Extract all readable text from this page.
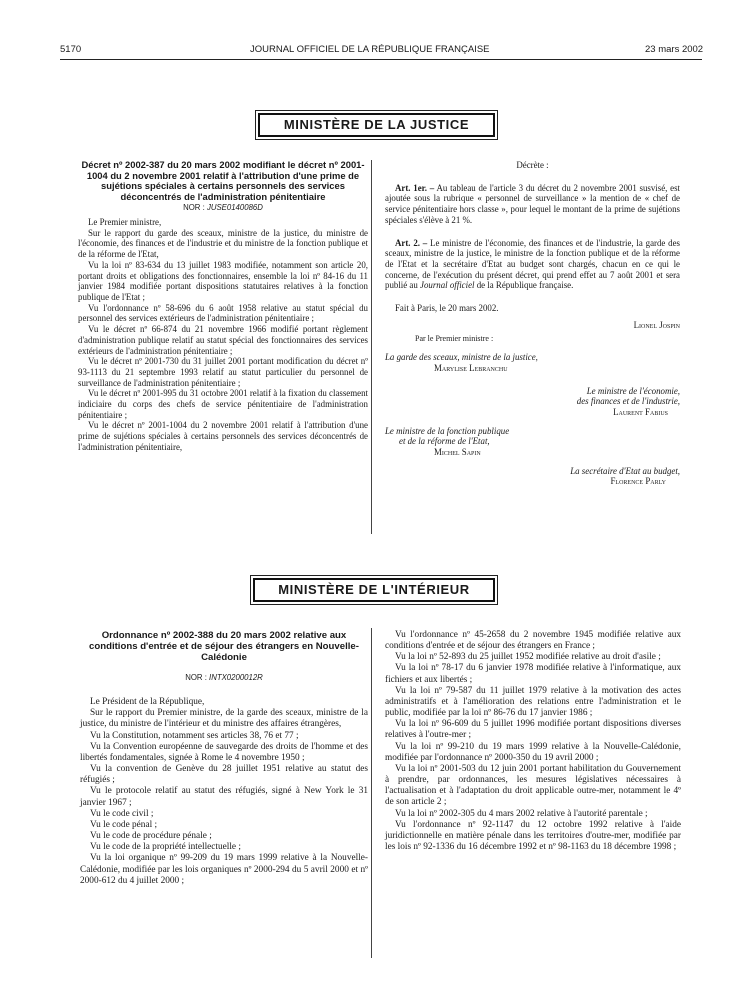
5170	JOURNAL OFFICIEL DE LA RÉPUBLIQUE FRANÇAISE	23 mars 2002
MINISTÈRE DE LA JUSTICE
Décret nº 2002-387 du 20 mars 2002 modifiant le décret nº 2001-1004 du 2 novembre 2001 relatif à l'attribution d'une prime de sujétions spéciales à certains personnels des services déconcentrés de l'administration pénitentiaire
NOR : JUSE0140086D

Le Premier ministre,

Sur le rapport du garde des sceaux, ministre de la justice, du ministre de l'économie, des finances et de l'industrie et du ministre de la fonction publique et de la réforme de l'Etat,

Vu la loi nº 83-634 du 13 juillet 1983 modifiée, notamment son article 20, portant droits et obligations des fonctionnaires, ensemble la loi nº 84-16 du 11 janvier 1984 modifiée portant dispositions statutaires relatives à la fonction publique de l'Etat ;

Vu l'ordonnance nº 58-696 du 6 août 1958 relative au statut spécial du personnel des services extérieurs de l'administration pénitentiaire ;

Vu le décret nº 66-874 du 21 novembre 1966 modifié portant règlement d'administration publique relatif au statut spécial des fonctionnaires des services extérieurs de l'administration pénitentiaire ;

Vu le décret nº 2001-730 du 31 juillet 2001 portant modification du décret nº 93-1113 du 21 septembre 1993 relatif au statut particulier du personnel de surveillance de l'administration pénitentiaire ;

Vu le décret nº 2001-995 du 31 octobre 2001 relatif à la fixation du classement indiciaire du corps des chefs de service pénitentiaire de l'administration pénitentiaire ;

Vu le décret nº 2001-1004 du 2 novembre 2001 relatif à l'attribution d'une prime de sujétions spéciales à certains personnels des services déconcentrés de l'administration pénitentiaire,

Décrète :

Art. 1er. – Au tableau de l'article 3 du décret du 2 novembre 2001 susvisé, est ajoutée sous la rubrique « personnel de surveillance » la mention de « chef de service pénitentiaire hors classe », pour lequel le montant de la prime de sujétions spéciales s'élève à 21 %.

Art. 2. – Le ministre de l'économie, des finances et de l'industrie, la garde des sceaux, ministre de la justice, le ministre de la fonction publique et de la réforme de l'Etat et la secrétaire d'Etat au budget sont chargés, chacun en ce qui le concerne, de l'exécution du présent décret, qui prend effet au 7 août 2001 et sera publié au Journal officiel de la République française.

Fait à Paris, le 20 mars 2002.

Lionel Jospin
Par le Premier ministre :
La garde des sceaux, ministre de la justice,
Marylise Lebranchu
Le ministre de l'économie,
des finances et de l'industrie,
Laurent Fabius
Le ministre de la fonction publique
et de la réforme de l'Etat,
Michel Sapin
La secrétaire d'Etat au budget,
Florence Parly
MINISTÈRE DE L'INTÉRIEUR
Ordonnance nº 2002-388 du 20 mars 2002 relative aux conditions d'entrée et de séjour des étrangers en Nouvelle-Calédonie
NOR : INTX0200012R

Le Président de la République,

Sur le rapport du Premier ministre, de la garde des sceaux, ministre de la justice, du ministre de l'intérieur et du ministre des affaires étrangères,

Vu la Constitution, notamment ses articles 38, 76 et 77 ;

Vu la Convention européenne de sauvegarde des droits de l'homme et des libertés fondamentales, signée à Rome le 4 novembre 1950 ;

Vu la convention de Genève du 28 juillet 1951 relative au statut des réfugiés ;

Vu le protocole relatif au statut des réfugiés, signé à New York le 31 janvier 1967 ;

Vu le code civil ;

Vu le code pénal ;

Vu le code de procédure pénale ;

Vu le code de la propriété intellectuelle ;

Vu la loi organique nº 99-209 du 19 mars 1999 relative à la Nouvelle-Calédonie, modifiée par les lois organiques nº 2000-294 du 5 avril 2000 et nº 2000-612 du 4 juillet 2000 ;

Vu l'ordonnance nº 45-2658 du 2 novembre 1945 modifiée relative aux conditions d'entrée et de séjour des étrangers en France ;

Vu la loi nº 52-893 du 25 juillet 1952 modifiée relative au droit d'asile ;

Vu la loi nº 78-17 du 6 janvier 1978 modifiée relative à l'informatique, aux fichiers et aux libertés ;

Vu la loi nº 79-587 du 11 juillet 1979 relative à la motivation des actes administratifs et à l'amélioration des relations entre l'administration et le public, modifiée par la loi nº 86-76 du 17 janvier 1986 ;

Vu la loi nº 96-609 du 5 juillet 1996 modifiée portant dispositions diverses relatives à l'outre-mer ;

Vu la loi nº 99-210 du 19 mars 1999 relative à la Nouvelle-Calédonie, modifiée par l'ordonnance nº 2000-350 du 19 avril 2000 ;

Vu la loi nº 2001-503 du 12 juin 2001 portant habilitation du Gouvernement à prendre, par ordonnances, les mesures législatives nécessaires à l'actualisation et à l'adaptation du droit applicable outre-mer, notamment le 4º de son article 2 ;

Vu la loi nº 2002-305 du 4 mars 2002 relative à l'autorité parentale ;

Vu l'ordonnance nº 92-1147 du 12 octobre 1992 relative à l'aide juridictionnelle en matière pénale dans les territoires d'outre-mer, modifiée par les lois nº 92-1336 du 16 décembre 1992 et nº 98-1163 du 18 décembre 1998 ;
